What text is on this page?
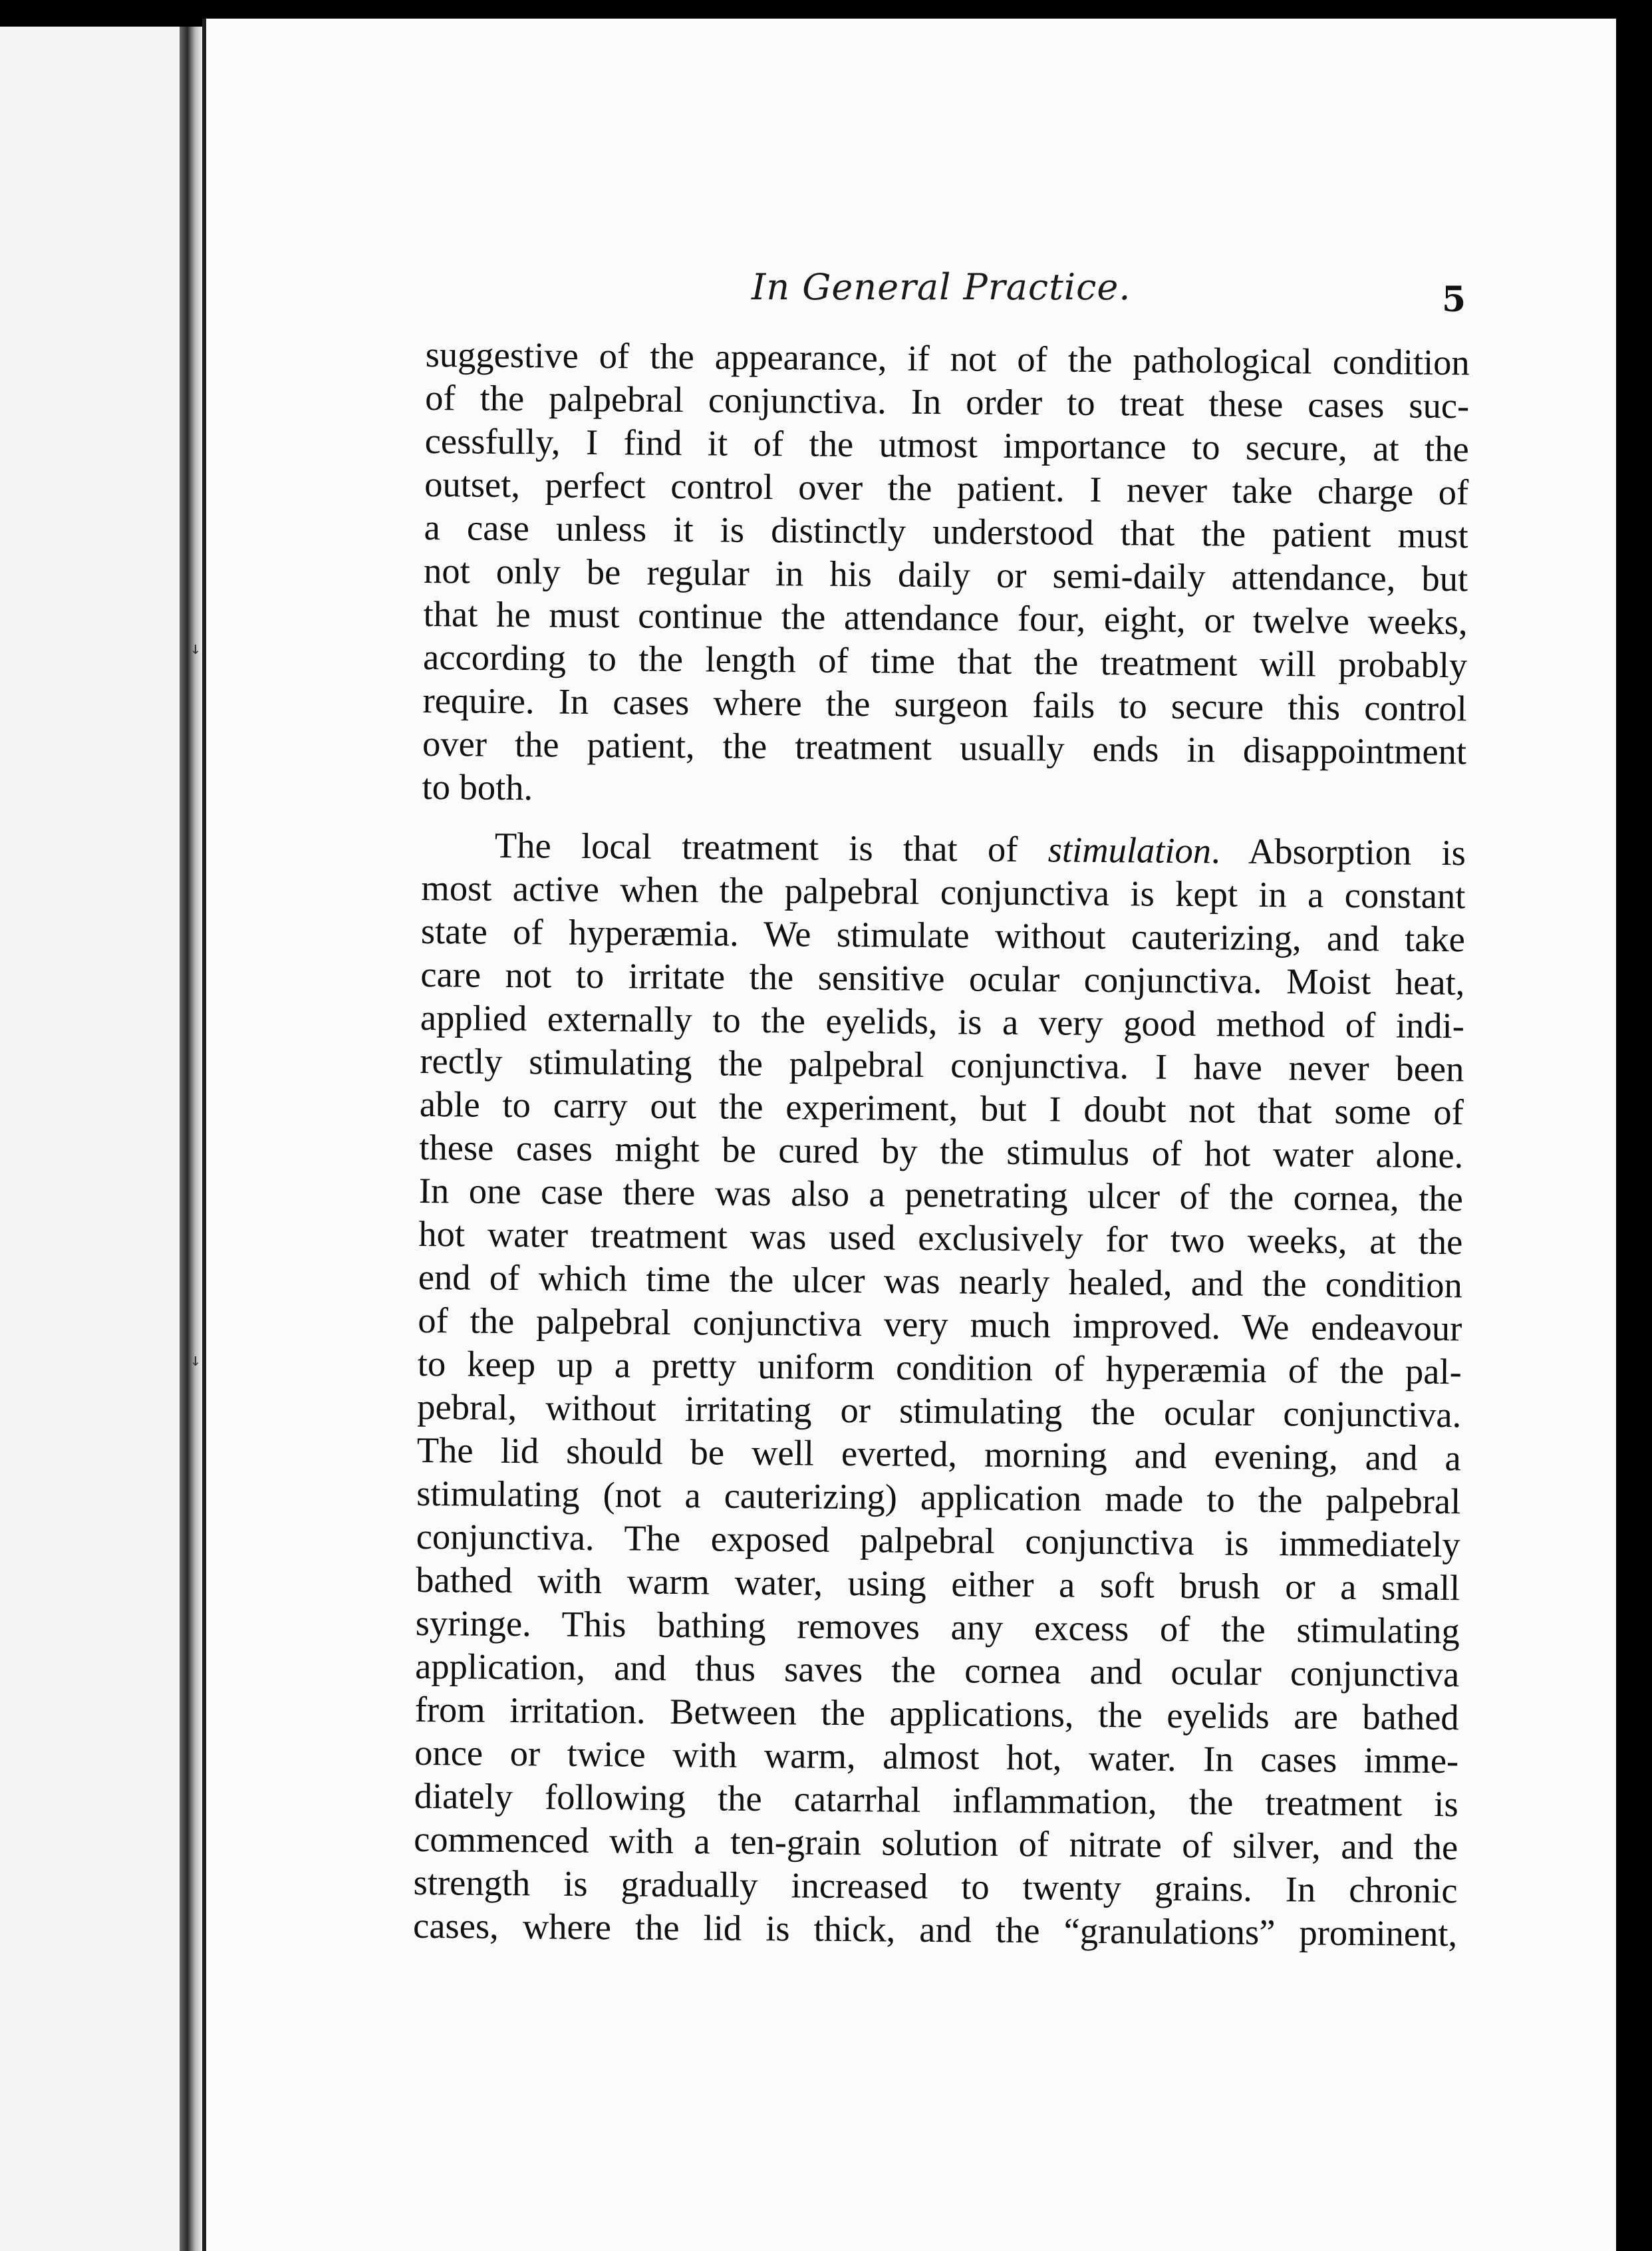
↓
↓
In General Practice.	5
suggestive of the appearance, if not of the pathological condition
of the palpebral conjunctiva. In order to treat these cases suc-
cessfully, I find it of the utmost importance to secure, at the
outset, perfect control over the patient. I never take charge of
a case unless it is distinctly understood that the patient must
not only be regular in his daily or semi-daily attendance, but
that he must continue the attendance four, eight, or twelve weeks,
according to the length of time that the treatment will probably
require. In cases where the surgeon fails to secure this control
over the patient, the treatment usually ends in disappointment
to both.
The local treatment is that of stimulation. Absorption is
most active when the palpebral conjunctiva is kept in a constant
state of hyperæmia. We stimulate without cauterizing, and take
care not to irritate the sensitive ocular conjunctiva. Moist heat,
applied externally to the eyelids, is a very good method of indi-
rectly stimulating the palpebral conjunctiva. I have never been
able to carry out the experiment, but I doubt not that some of
these cases might be cured by the stimulus of hot water alone.
In one case there was also a penetrating ulcer of the cornea, the
hot water treatment was used exclusively for two weeks, at the
end of which time the ulcer was nearly healed, and the condition
of the palpebral conjunctiva very much improved. We endeavour
to keep up a pretty uniform condition of hyperæmia of the pal-
pebral, without irritating or stimulating the ocular conjunctiva.
The lid should be well everted, morning and evening, and a
stimulating (not a cauterizing) application made to the palpebral
conjunctiva. The exposed palpebral conjunctiva is immediately
bathed with warm water, using either a soft brush or a small
syringe. This bathing removes any excess of the stimulating
application, and thus saves the cornea and ocular conjunctiva
from irritation. Between the applications, the eyelids are bathed
once or twice with warm, almost hot, water. In cases imme-
diately following the catarrhal inflammation, the treatment is
commenced with a ten-grain solution of nitrate of silver, and the
strength is gradually increased to twenty grains. In chronic
cases, where the lid is thick, and the “granulations” prominent,
